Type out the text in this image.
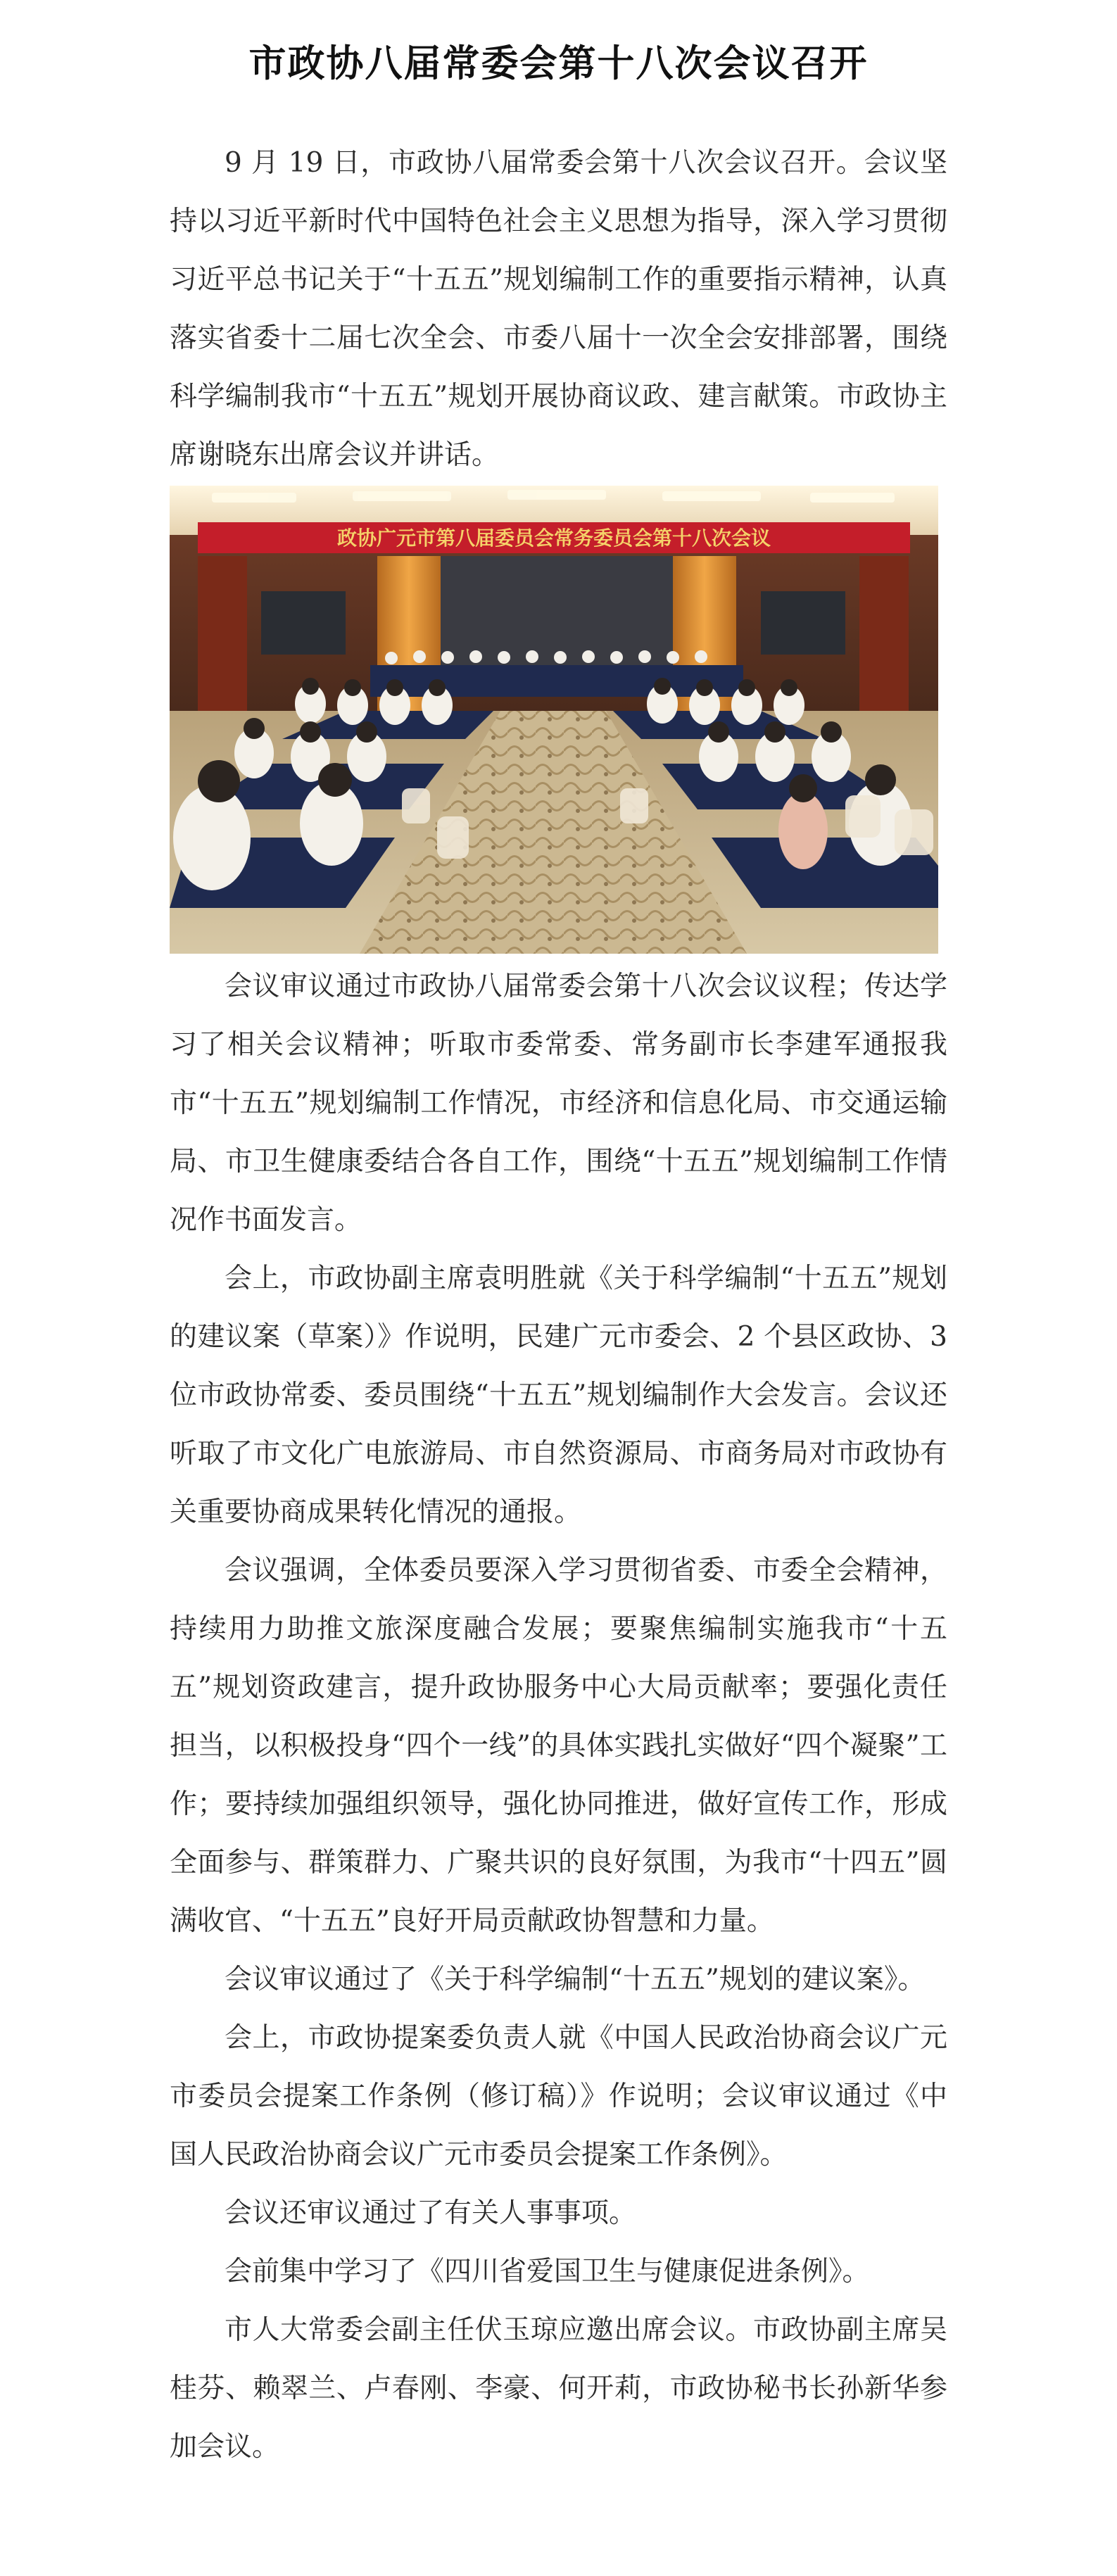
市政协八届常委会第十八次会议召开

9 月 19 日，市政协八届常委会第十八次会议召开。会议坚持以习近平新时代中国特色社会主义思想为指导，深入学习贯彻习近平总书记关于“十五五”规划编制工作的重要指示精神，认真落实省委十二届七次全会、市委八届十一次全会安排部署，围绕科学编制我市“十五五”规划开展协商议政、建言献策。市政协主席谢晓东出席会议并讲话。

政协广元市第八届委员会常务委员会第十八次会议

会议审议通过市政协八届常委会第十八次会议议程；传达学习了相关会议精神；听取市委常委、常务副市长李建军通报我市“十五五”规划编制工作情况，市经济和信息化局、市交通运输局、市卫生健康委结合各自工作，围绕“十五五”规划编制工作情况作书面发言。

会上，市政协副主席袁明胜就《关于科学编制“十五五”规划的建议案（草案）》作说明，民建广元市委会、2 个县区政协、3 位市政协常委、委员围绕“十五五”规划编制作大会发言。会议还听取了市文化广电旅游局、市自然资源局、市商务局对市政协有关重要协商成果转化情况的通报。

会议强调，全体委员要深入学习贯彻省委、市委全会精神，持续用力助推文旅深度融合发展；要聚焦编制实施我市“十五五”规划资政建言，提升政协服务中心大局贡献率；要强化责任担当，以积极投身“四个一线”的具体实践扎实做好“四个凝聚”工作；要持续加强组织领导，强化协同推进，做好宣传工作，形成全面参与、群策群力、广聚共识的良好氛围，为我市“十四五”圆满收官、“十五五”良好开局贡献政协智慧和力量。

会议审议通过了《关于科学编制“十五五”规划的建议案》。

会上，市政协提案委负责人就《中国人民政治协商会议广元市委员会提案工作条例（修订稿）》作说明；会议审议通过《中国人民政治协商会议广元市委员会提案工作条例》。

会议还审议通过了有关人事事项。

会前集中学习了《四川省爱国卫生与健康促进条例》。

市人大常委会副主任伏玉琼应邀出席会议。市政协副主席吴桂芬、赖翠兰、卢春刚、李豪、何开莉，市政协秘书长孙新华参加会议。
